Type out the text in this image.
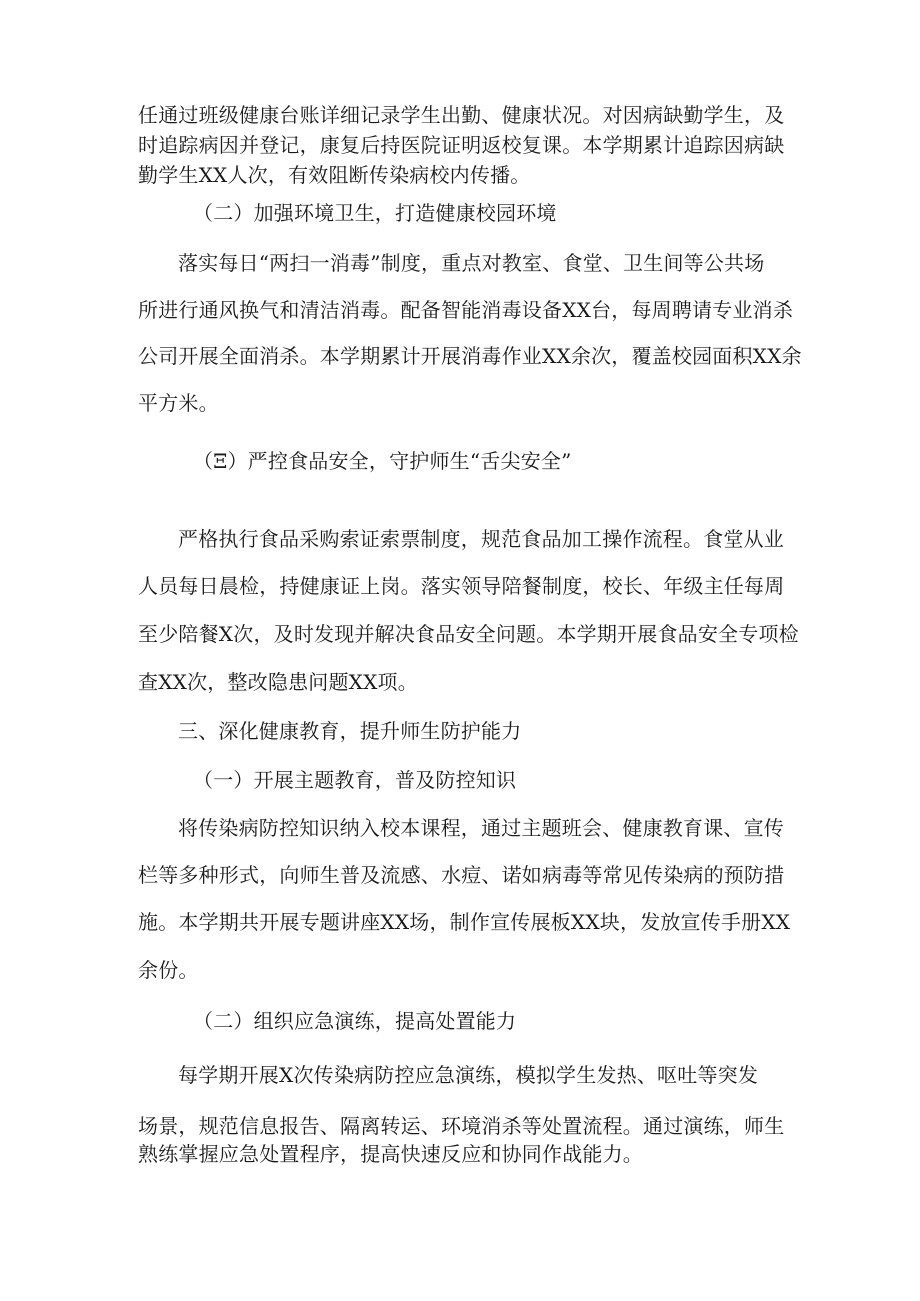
任通过班级健康台账详细记录学生出勤、健康状况。对因病缺勤学生，及
时追踪病因并登记，康复后持医院证明返校复课。本学期累计追踪因病缺
勤学生XX人次，有效阻断传染病校内传播。
（二）加强环境卫生，打造健康校园环境
落实每日“两扫一消毒”制度，重点对教室、食堂、卫生间等公共场
所进行通风换气和清洁消毒。配备智能消毒设备XX台，每周聘请专业消杀
公司开展全面消杀。本学期累计开展消毒作业XX余次，覆盖校园面积XX余
平方米。
（Ξ）严控食品安全，守护师生“舌尖安全”
严格执行食品采购索证索票制度，规范食品加工操作流程。食堂从业
人员每日晨检，持健康证上岗。落实领导陪餐制度，校长、年级主任每周
至少陪餐X次，及时发现并解决食品安全问题。本学期开展食品安全专项检
查XX次，整改隐患问题XX项。
三、深化健康教育，提升师生防护能力
（一）开展主题教育，普及防控知识
将传染病防控知识纳入校本课程，通过主题班会、健康教育课、宣传
栏等多种形式，向师生普及流感、水痘、诺如病毒等常见传染病的预防措
施。本学期共开展专题讲座XX场，制作宣传展板XX块，发放宣传手册XX
余份。
（二）组织应急演练，提高处置能力
每学期开展X次传染病防控应急演练，模拟学生发热、呕吐等突发
场景，规范信息报告、隔离转运、环境消杀等处置流程。通过演练，师生
熟练掌握应急处置程序，提高快速反应和协同作战能力。
